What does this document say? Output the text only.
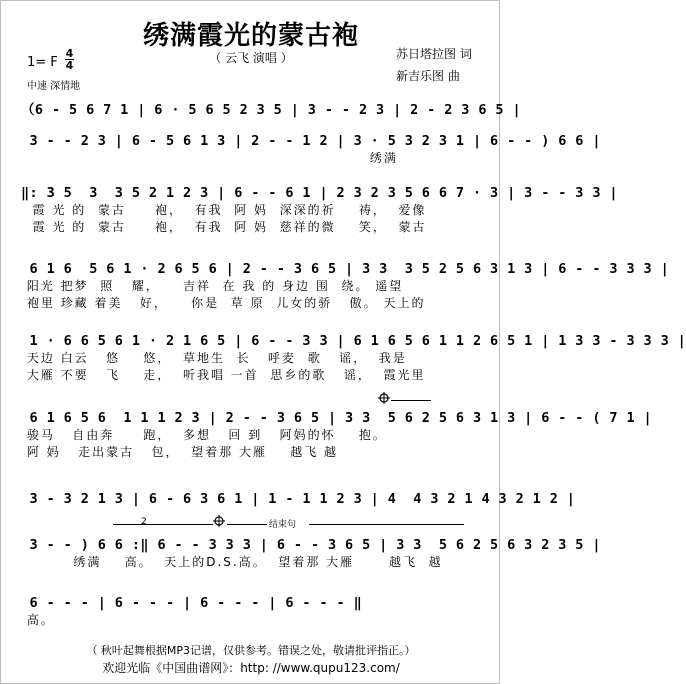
绣满霞光的蒙古袍
（ 云飞 演唱 ）	苏日塔拉图 词
新吉乐图 曲
1= F
4
4
中速 深情地
（6 - 5 6 7 1 | 6 · 5 6 5 2 3 5 | 3 - - 2 3 | 2 - 2 3 6 5 |
3 - - 2 3 | 6 - 5 6 1 3 | 2 - - 1 2 | 3 · 5 3 2 3 1 | 6 - - ) 6 6 |
绣满
‖: 3 5  3  3 5 2 1 2 3 | 6 - - 6 1 | 2 3 2 3 5 6 6 7 · 3 | 3 - - 3 3 |
霞 光 的  蒙古     袍，  有我  阿 妈  深深的祈    祷，  爱像
霞 光 的  蒙古     袍，  有我  阿 妈  慈祥的微    笑，  蒙古
6 1 6  5 6 1 · 2 6 5 6 | 2 - - 3 6 5 | 3 3  3 5 2 5 6 3 1 3 | 6 - - 3 3 3 |
阳光 把梦  照   耀，    吉祥  在 我 的 身边 围  绕。 遥望
袍里 珍藏 着美   好，    你是  草 原  儿女的骄   傲。 天上的
1 · 6 6 5 6 1 · 2 1 6 5 | 6 - - 3 3 | 6 1 6 5 6 1 1 2 6 5 1 | 1 3 3 - 3 3 3 |
天边 白云   悠    悠，  草地生  长   呼麦  歌   谣，  我是
大雁 不要   飞    走，  听我唱 一首  思乡的歌   谣，  霞光里
6 1 6 5 6  1 1 1 2 3 | 2 - - 3 6 5 | 3 3  5 6 2 5 6 3 1 3 | 6 - - ( 7 1 |
骏马   自由奔     跑，  多想   回 到   阿妈的怀    抱。
阿 妈   走出蒙古   包，  望着那 大雁    越飞 越
3 - 3 2 1 3 | 6 - 6 3 6 1 | 1 - 1 1 2 3 | 4  4 3 2 1 4 3 2 1 2 |
2	结束句
3 - - ) 6 6 :‖ 6 - - 3 3 3 | 6 - - 3 6 5 | 3 3  5 6 2 5 6 3 2 3 5 |
绣满    高。  天上的D.S.高。  望着那 大雁      越飞  越
6 - - - | 6 - - - | 6 - - - | 6 - - - ‖
高。
（ 秋叶起舞根据MP3记谱，仅供参考。错误之处，敬请批评指正。）
欢迎光临《中国曲谱网》：http: //www.qupu123.com/
